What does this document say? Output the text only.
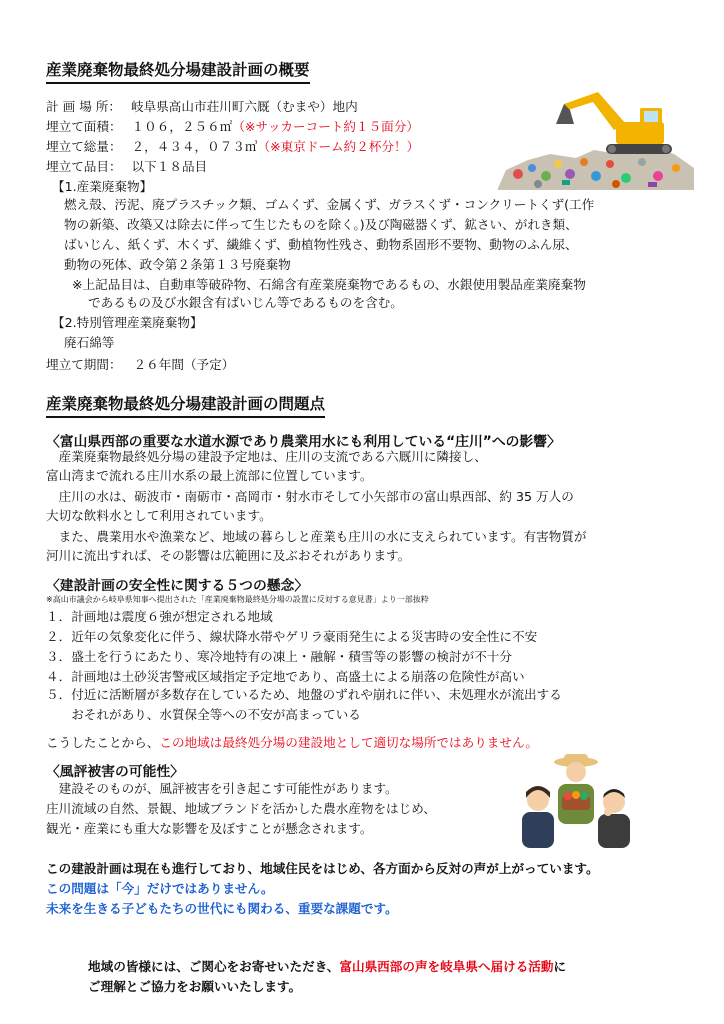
産業廃棄物最終処分場建設計画の概要
計 画 場 所： 岐阜県高山市荘川町六厩（むまや）地内
埋立て面積： １０６，２５６㎡（※サッカーコート約１５面分）
埋立て総量： ２，４３４，０７３㎥（※東京ドーム約２杯分！）
埋立て品目： 以下１８品目
【1.産業廃棄物】
燃え殻、汚泥、廃プラスチック類、ゴムくず、金属くず、ガラスくず・コンクリートくず(工作
物の新築、改築又は除去に伴って生じたものを除く。)及び陶磁器くず、鉱さい、がれき類、
ばいじん、紙くず、木くず、繊維くず、動植物性残さ、動物系固形不要物、動物のふん尿、
動物の死体、政令第２条第１３号廃棄物
※上記品目は、自動車等破砕物、石綿含有産業廃棄物であるもの、水銀使用製品産業廃棄物
であるもの及び水銀含有ばいじん等であるものを含む。
【2.特別管理産業廃棄物】
廃石綿等
埋立て期間： ２６年間（予定）
産業廃棄物最終処分場建設計画の問題点
〈富山県西部の重要な水道水源であり農業用水にも利用している“庄川”への影響〉
　産業廃棄物最終処分場の建設予定地は、庄川の支流である六厩川に隣接し、
富山湾まで流れる庄川水系の最上流部に位置しています。
　庄川の水は、砺波市・南砺市・高岡市・射水市そして小矢部市の富山県西部、約 35 万人の
大切な飲料水として利用されています。
　また、農業用水や漁業など、地域の暮らしと産業も庄川の水に支えられています。有害物質が
河川に流出すれば、その影響は広範囲に及ぶおそれがあります。
〈建設計画の安全性に関する５つの懸念〉
※高山市議会から岐阜県知事へ提出された「産業廃棄物最終処分場の設置に反対する意見書」より一部抜粋
１．計画地は震度６強が想定される地域
２．近年の気象変化に伴う、線状降水帯やゲリラ豪雨発生による災害時の安全性に不安
３．盛土を行うにあたり、寒冷地特有の凍上・融解・積雪等の影響の検討が不十分
４．計画地は土砂災害警戒区域指定予定地であり、高盛土による崩落の危険性が高い
５．付近に活断層が多数存在しているため、地盤のずれや崩れに伴い、未処理水が流出する
　　おそれがあり、水質保全等への不安が高まっている
こうしたことから、この地域は最終処分場の建設地として適切な場所ではありません。
〈風評被害の可能性〉
　建設そのものが、風評被害を引き起こす可能性があります。
庄川流域の自然、景観、地域ブランドを活かした農水産物をはじめ、
観光・産業にも重大な影響を及ぼすことが懸念されます。
この建設計画は現在も進行しており、地域住民をはじめ、各方面から反対の声が上がっています。
この問題は「今」だけではありません。
未来を生きる子どもたちの世代にも関わる、重要な課題です。
地域の皆様には、ご関心をお寄せいただき、富山県西部の声を岐阜県へ届ける活動に
ご理解とご協力をお願いいたします。
